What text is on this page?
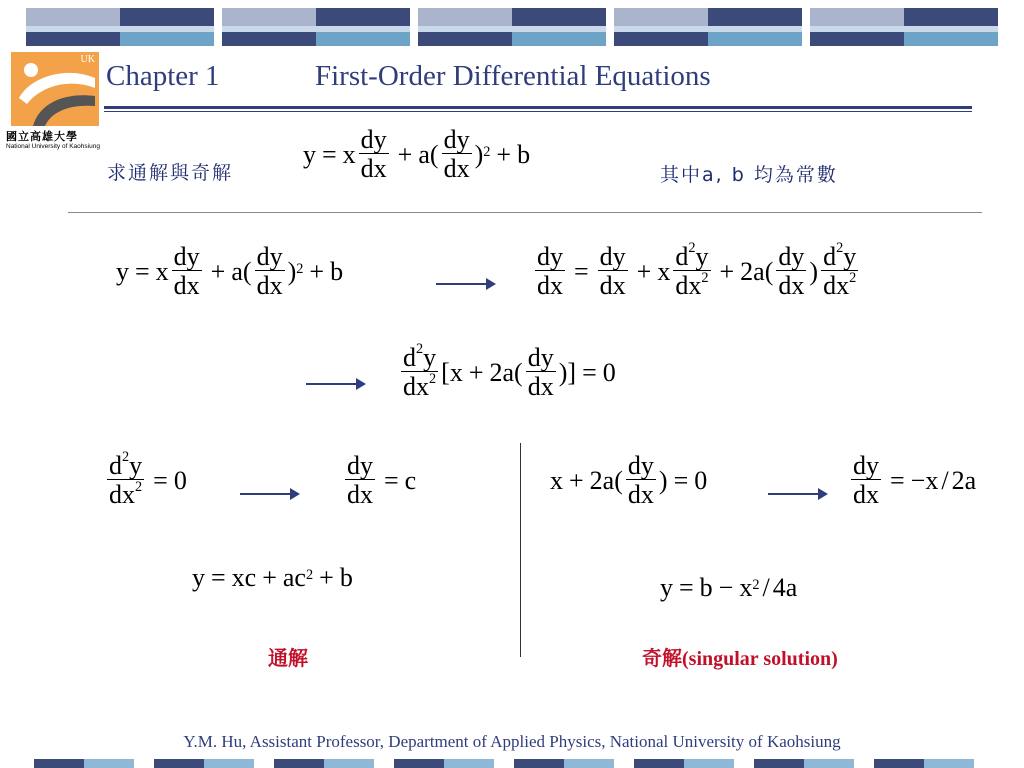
UK
國立高雄大學
National University of Kaohsiung
Chapter 1	First-Order Differential Equations
求通解與奇解
y = x $\frac{dy}{dx} + a$ ( $\frac{dy}{dx} )^2 + b$
其中a, b 均為常數
y = x $\frac{dy}{dx} + a$ ( $\frac{dy}{dx} )^2 + b$	$\frac{dy}{dx} = \frac{dy}{dx} + x \frac{d^2y}{dx^2} + 2a$ ( $\frac{dy}{dx}$ ) $\frac{d^2y}{dx^2}$
$\frac{d^2y}{dx^2}$ [ x + 2a ( $\frac{dy}{dx}$ ) ] = 0
$\frac{d^2y}{dx^2} = 0$	$\frac{dy}{dx} = c$
y = xc + $ac^2 + b$
通解
x + 2a ( $\frac{dy}{dx}$ ) = 0	$\frac{dy}{dx} = -x / 2a$
$y = b - x^2 / 4a$
奇解(singular solution)
Y.M. Hu, Assistant Professor, Department of Applied Physics, National University of Kaohsiung
